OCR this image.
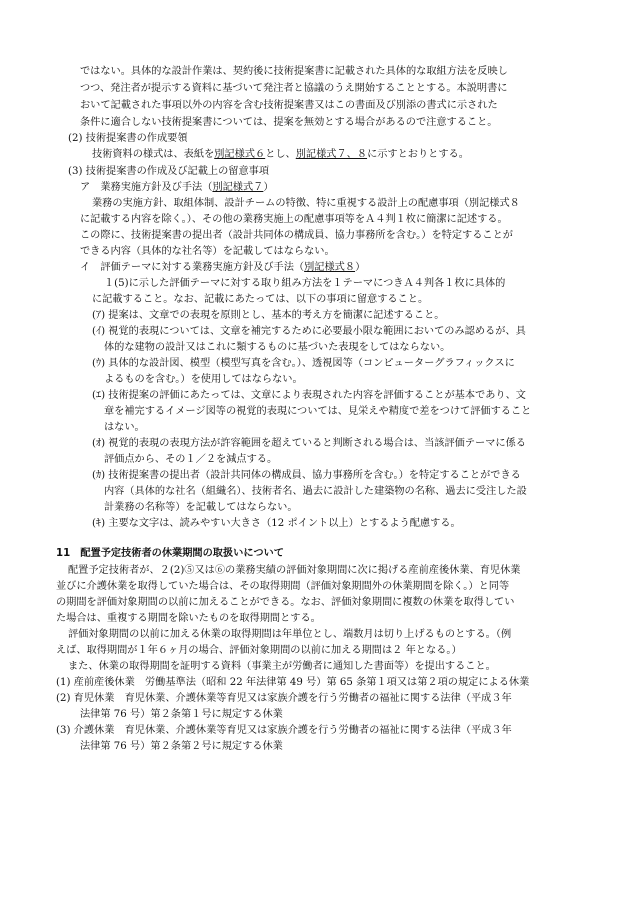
ではない。具体的な設計作業は、契約後に技術提案書に記載された具体的な取組方法を反映し
つつ、発注者が提示する資料に基づいて発注者と協議のうえ開始することとする。本説明書に
おいて記載された事項以外の内容を含む技術提案書又はこの書面及び別添の書式に示された
条件に適合しない技術提案書については、提案を無効とする場合があるので注意すること。
(2) 技術提案書の作成要領
技術資料の様式は、表紙を別記様式６とし、別記様式７、８に示すとおりとする。
(3) 技術提案書の作成及び記載上の留意事項
ア　業務実施方針及び手法（別記様式７）
業務の実施方針、取組体制、設計チームの特徴、特に重視する設計上の配慮事項（別記様式８
に記載する内容を除く。）、その他の業務実施上の配慮事項等をＡ４判１枚に簡潔に記述する。
この際に、技術提案書の提出者（設計共同体の構成員、協力事務所を含む。）を特定することが
できる内容（具体的な社名等）を記載してはならない。
イ　評価テーマに対する業務実施方針及び手法（別記様式８）
１(5)に示した評価テーマに対する取り組み方法を１テーマにつきＡ４判各１枚に具体的
に記載すること。なお、記載にあたっては、以下の事項に留意すること。
(ｱ) 提案は、文章での表現を原則とし、基本的考え方を簡潔に記述すること。
(ｲ) 視覚的表現については、文章を補完するために必要最小限な範囲においてのみ認めるが、具
体的な建物の設計又はこれに類するものに基づいた表現をしてはならない。
(ｳ) 具体的な設計図、模型（模型写真を含む。）、透視図等（コンピューターグラフィックスに
よるものを含む。）を使用してはならない。
(ｴ) 技術提案の評価にあたっては、文章により表現された内容を評価することが基本であり、文
章を補完するイメージ図等の視覚的表現については、見栄えや精度で差をつけて評価すること
はない。
(ｵ) 視覚的表現の表現方法が許容範囲を超えていると判断される場合は、当該評価テーマに係る
評価点から、その１／２を減点する。
(ｶ) 技術提案書の提出者（設計共同体の構成員、協力事務所を含む。）を特定することができる
内容（具体的な社名（組織名）、技術者名、過去に設計した建築物の名称、過去に受注した設
計業務の名称等）を記載してはならない。
(ｷ) 主要な文字は、読みやすい大きさ（12 ポイント以上）とするよう配慮する。
11　配置予定技術者の休業期間の取扱いについて
配置予定技術者が、２(2)⑤又は⑥の業務実績の評価対象期間に次に掲げる産前産後休業、育児休業
並びに介護休業を取得していた場合は、その取得期間（評価対象期間外の休業期間を除く。）と同等
の期間を評価対象期間の以前に加えることができる。なお、評価対象期間に複数の休業を取得してい
た場合は、重複する期間を除いたものを取得期間とする。
評価対象期間の以前に加える休業の取得期間は年単位とし、端数月は切り上げるものとする。（例
えば、取得期間が１年６ヶ月の場合、評価対象期間の以前に加える期間は２ 年となる。）
また、休業の取得期間を証明する資料（事業主が労働者に通知した書面等）を提出すること。
(1) 産前産後休業　労働基準法（昭和 22 年法律第 49 号）第 65 条第１項又は第２項の規定による休業
(2) 育児休業　育児休業、介護休業等育児又は家族介護を行う労働者の福祉に関する法律（平成３年
法律第 76 号）第２条第１号に規定する休業
(3) 介護休業　育児休業、介護休業等育児又は家族介護を行う労働者の福祉に関する法律（平成３年
法律第 76 号）第２条第２号に規定する休業
